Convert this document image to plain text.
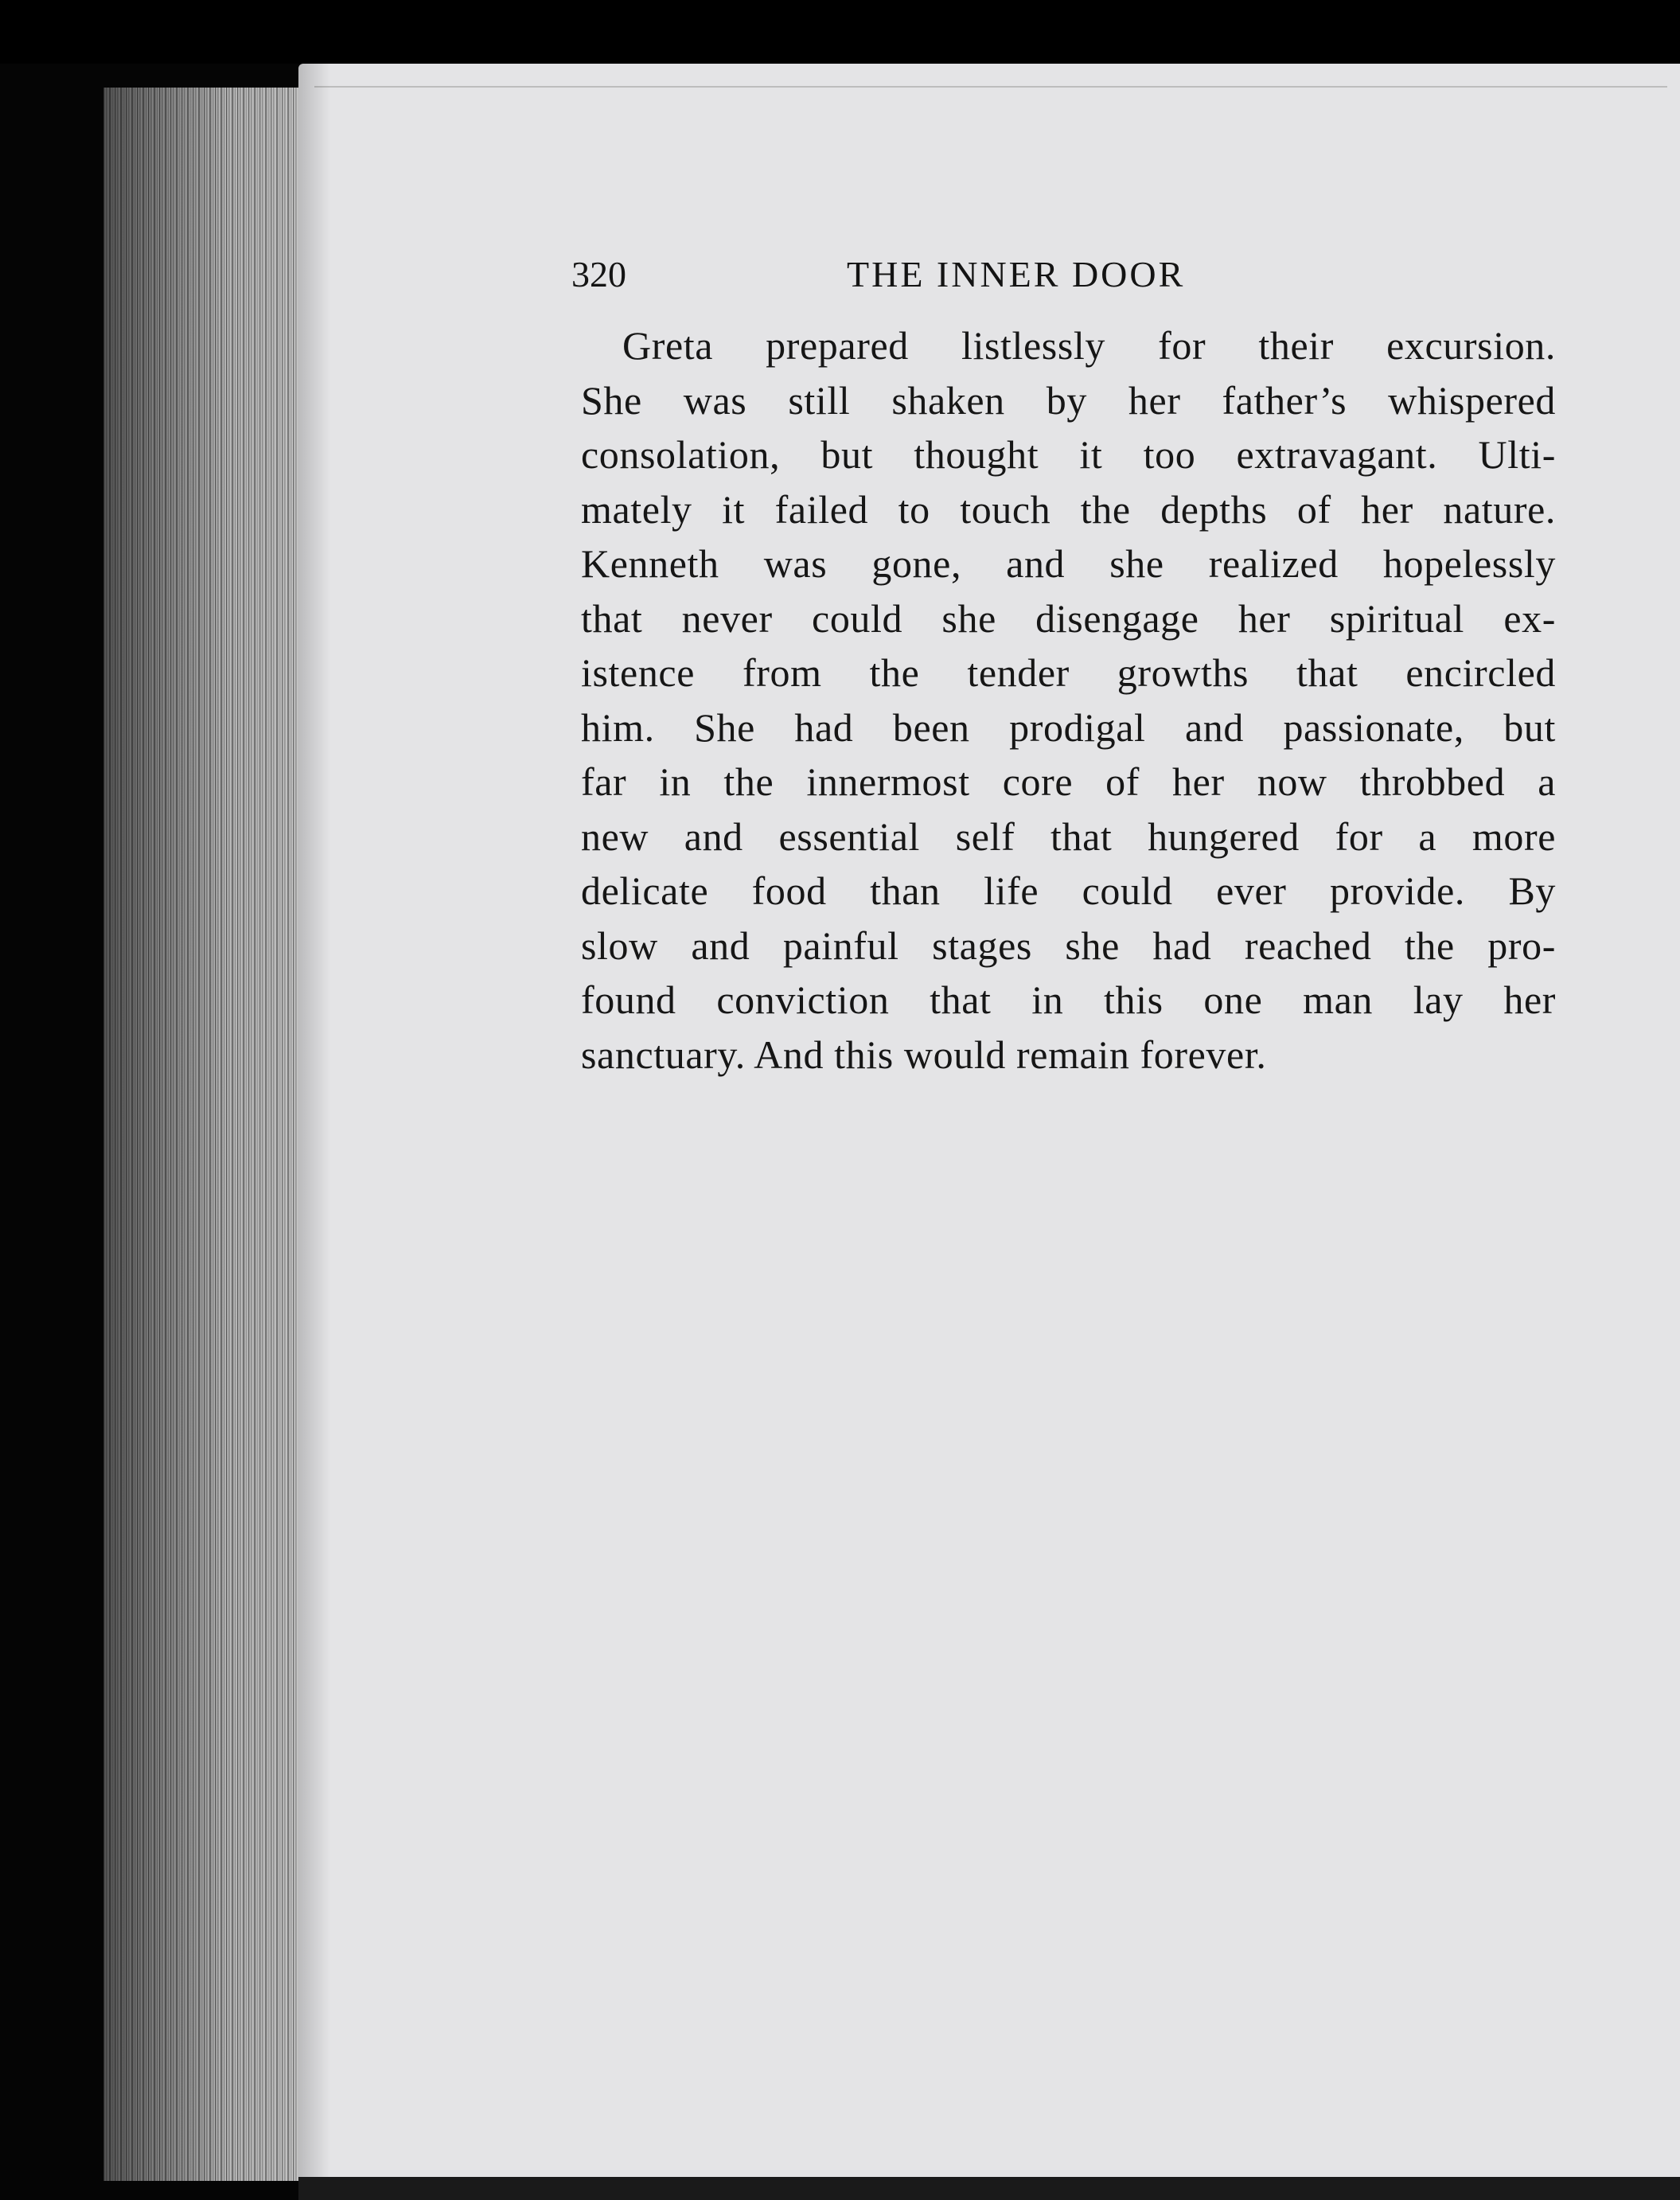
320	THE INNER DOOR
Greta prepared listlessly for their excursion.
She was still shaken by her father’s whispered
consolation, but thought it too extravagant. Ulti-
mately it failed to touch the depths of her nature.
Kenneth was gone, and she realized hopelessly
that never could she disengage her spiritual ex-
istence from the tender growths that encircled
him. She had been prodigal and passionate, but
far in the innermost core of her now throbbed a
new and essential self that hungered for a more
delicate food than life could ever provide. By
slow and painful stages she had reached the pro-
found conviction that in this one man lay her
sanctuary. And this would remain forever.
